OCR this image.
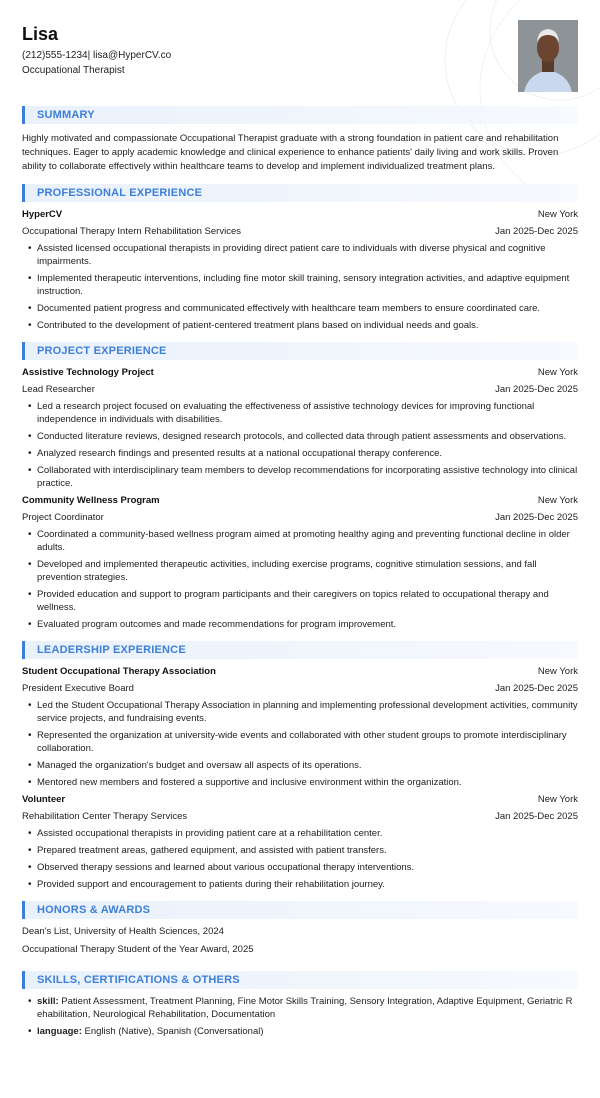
Lisa
(212)555-1234| lisa@HyperCV.co
Occupational Therapist
SUMMARY

Highly motivated and compassionate Occupational Therapist graduate with a strong foundation in patient care and rehabilitation techniques. Eager to apply academic knowledge and clinical experience to enhance patients' daily living and work skills. Proven ability to collaborate effectively within healthcare teams to develop and implement individualized treatment plans.

PROFESSIONAL EXPERIENCE
HyperCV	New York
Occupational Therapy Intern Rehabilitation Services	Jan 2025-Dec 2025
• Assisted licensed occupational therapists in providing direct patient care to individuals with diverse physical and cognitive impairments.
• Implemented therapeutic interventions, including fine motor skill training, sensory integration activities, and adaptive equipment instruction.
• Documented patient progress and communicated effectively with healthcare team members to ensure coordinated care.
• Contributed to the development of patient-centered treatment plans based on individual needs and goals.
PROJECT EXPERIENCE
Assistive Technology Project	New York
Lead Researcher	Jan 2025-Dec 2025
• Led a research project focused on evaluating the effectiveness of assistive technology devices for improving functional independence in individuals with disabilities.
• Conducted literature reviews, designed research protocols, and collected data through patient assessments and observations.
• Analyzed research findings and presented results at a national occupational therapy conference.
• Collaborated with interdisciplinary team members to develop recommendations for incorporating assistive technology into clinical practice.
Community Wellness Program	New York
Project Coordinator	Jan 2025-Dec 2025
• Coordinated a community-based wellness program aimed at promoting healthy aging and preventing functional decline in older adults.
• Developed and implemented therapeutic activities, including exercise programs, cognitive stimulation sessions, and fall prevention strategies.
• Provided education and support to program participants and their caregivers on topics related to occupational therapy and wellness.
• Evaluated program outcomes and made recommendations for program improvement.
LEADERSHIP EXPERIENCE
Student Occupational Therapy Association	New York
President Executive Board	Jan 2025-Dec 2025
• Led the Student Occupational Therapy Association in planning and implementing professional development activities, community service projects, and fundraising events.
• Represented the organization at university-wide events and collaborated with other student groups to promote interdisciplinary collaboration.
• Managed the organization's budget and oversaw all aspects of its operations.
• Mentored new members and fostered a supportive and inclusive environment within the organization.
Volunteer	New York
Rehabilitation Center Therapy Services	Jan 2025-Dec 2025
• Assisted occupational therapists in providing patient care at a rehabilitation center.
• Prepared treatment areas, gathered equipment, and assisted with patient transfers.
• Observed therapy sessions and learned about various occupational therapy interventions.
• Provided support and encouragement to patients during their rehabilitation journey.
HONORS & AWARDS
Dean's List, University of Health Sciences, 2024
Occupational Therapy Student of the Year Award, 2025
SKILLS, CERTIFICATIONS & OTHERS
• skill: Patient Assessment, Treatment Planning, Fine Motor Skills Training, Sensory Integration, Adaptive Equipment, Geriatric R ehabilitation, Neurological Rehabilitation, Documentation
• language: English (Native), Spanish (Conversational)
